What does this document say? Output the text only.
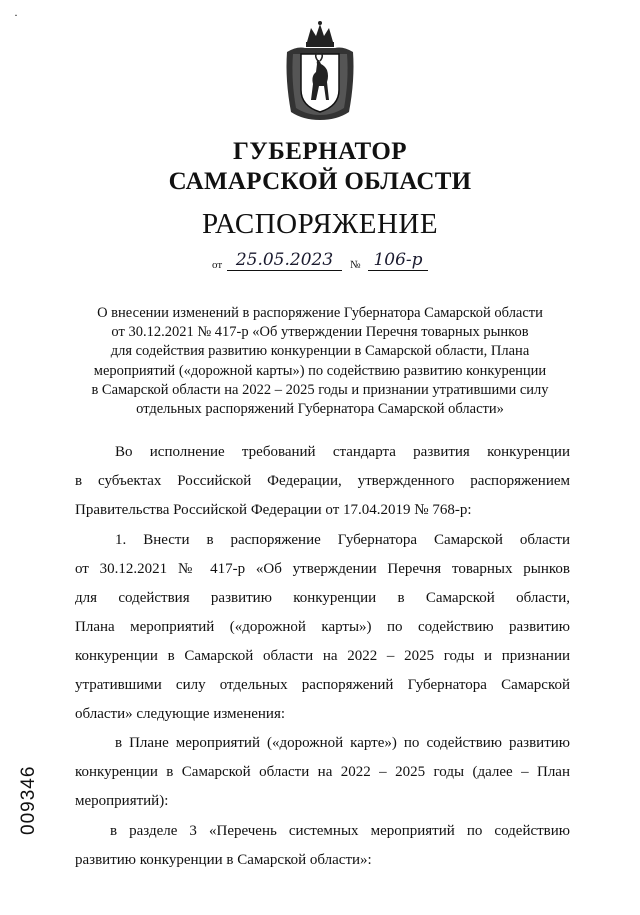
·
ГУБЕРНАТОР
САМАРСКОЙ ОБЛАСТИ
РАСПОРЯЖЕНИЕ
от 25.05.2023	№ 106-р
О внесении изменений в распоряжение Губернатора Самарской области
от 30.12.2021 № 417-р «Об утверждении Перечня товарных рынков
для содействия развитию конкуренции в Самарской области, Плана
мероприятий («дорожной карты») по содействию развитию конкуренции
в Самарской области на 2022 – 2025 годы и признании утратившими силу
отдельных распоряжений Губернатора Самарской области»
Во исполнение требований стандарта развития конкуренции
в субъектах Российской Федерации, утвержденного распоряжением
Правительства Российской Федерации от 17.04.2019 № 768-р:
1. Внести в распоряжение Губернатора Самарской области
от 30.12.2021 № 417-р «Об утверждении Перечня товарных рынков
для содействия развитию конкуренции в Самарской области,
Плана мероприятий («дорожной карты») по содействию развитию
конкуренции в Самарской области на 2022 – 2025 годы и признании
утратившими силу отдельных распоряжений Губернатора Самарской
области» следующие изменения:
в Плане мероприятий («дорожной карте») по содействию развитию
конкуренции в Самарской области на 2022 – 2025 годы (далее – План
мероприятий):
в разделе 3 «Перечень системных мероприятий по содействию
развитию конкуренции в Самарской области»:
009346
